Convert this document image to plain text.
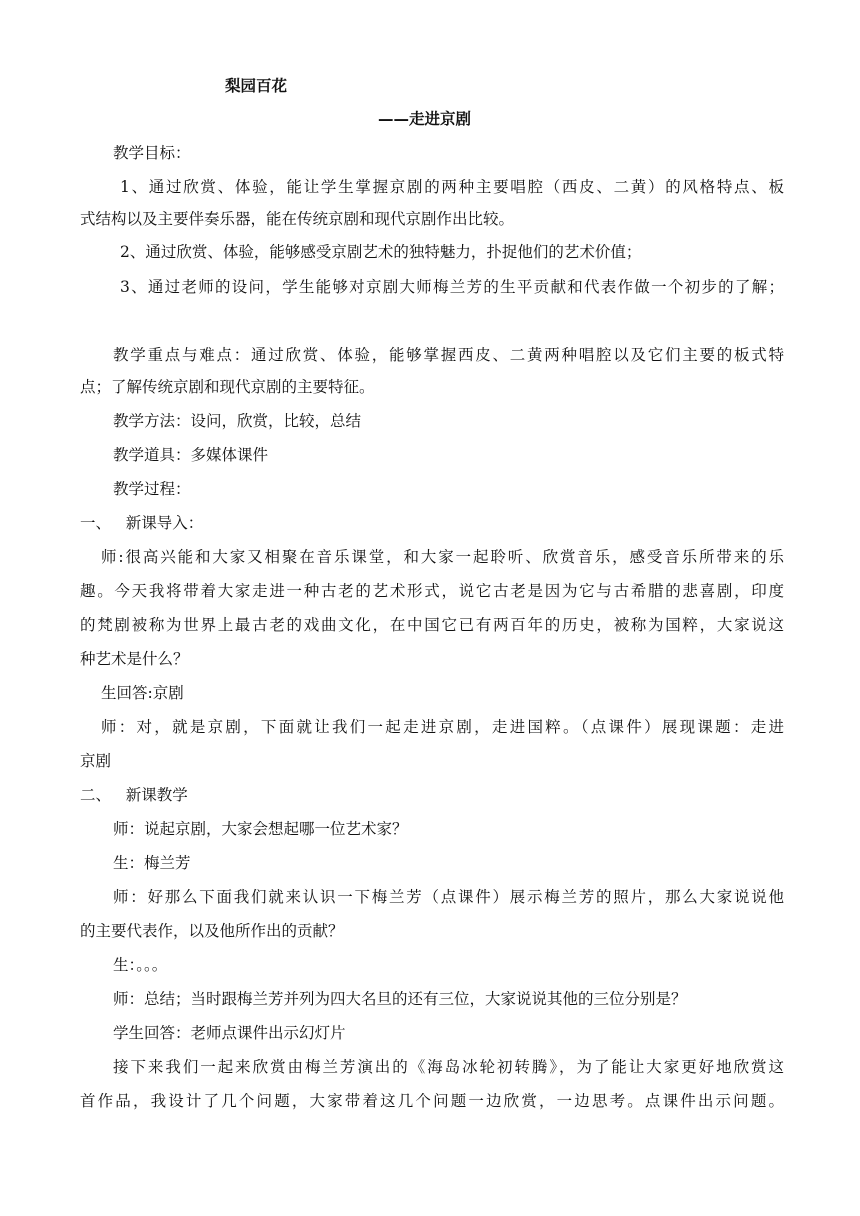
梨园百花
——走进京剧
教学目标：
1、通过欣赏、体验，能让学生掌握京剧的两种主要唱腔（西皮、二黄）的风格特点、板
式结构以及主要伴奏乐器，能在传统京剧和现代京剧作出比较。
2、通过欣赏、体验，能够感受京剧艺术的独特魅力，扑捉他们的艺术价值；
3、通过老师的设问，学生能够对京剧大师梅兰芳的生平贡献和代表作做一个初步的了解；
教学重点与难点：通过欣赏、体验，能够掌握西皮、二黄两种唱腔以及它们主要的板式特
点；了解传统京剧和现代京剧的主要特征。
教学方法：设问，欣赏，比较，总结
教学道具：多媒体课件
教学过程：
一、   新课导入：
师:很高兴能和大家又相聚在音乐课堂，和大家一起聆听、欣赏音乐，感受音乐所带来的乐
趣。今天我将带着大家走进一种古老的艺术形式，说它古老是因为它与古希腊的悲喜剧，印度
的梵剧被称为世界上最古老的戏曲文化，在中国它已有两百年的历史，被称为国粹，大家说这
种艺术是什么？
生回答:京剧
师：对，就是京剧，下面就让我们一起走进京剧，走进国粹。（点课件）展现课题：走进
京剧
二、   新课教学
师：说起京剧，大家会想起哪一位艺术家？
生：梅兰芳
师：好那么下面我们就来认识一下梅兰芳（点课件）展示梅兰芳的照片，那么大家说说他
的主要代表作，以及他所作出的贡献？
生：。。。
师：总结；当时跟梅兰芳并列为四大名旦的还有三位，大家说说其他的三位分别是？
学生回答：老师点课件出示幻灯片
接下来我们一起来欣赏由梅兰芳演出的《海岛冰轮初转腾》，为了能让大家更好地欣赏这
首作品，我设计了几个问题，大家带着这几个问题一边欣赏，一边思考。点课件出示问题。
